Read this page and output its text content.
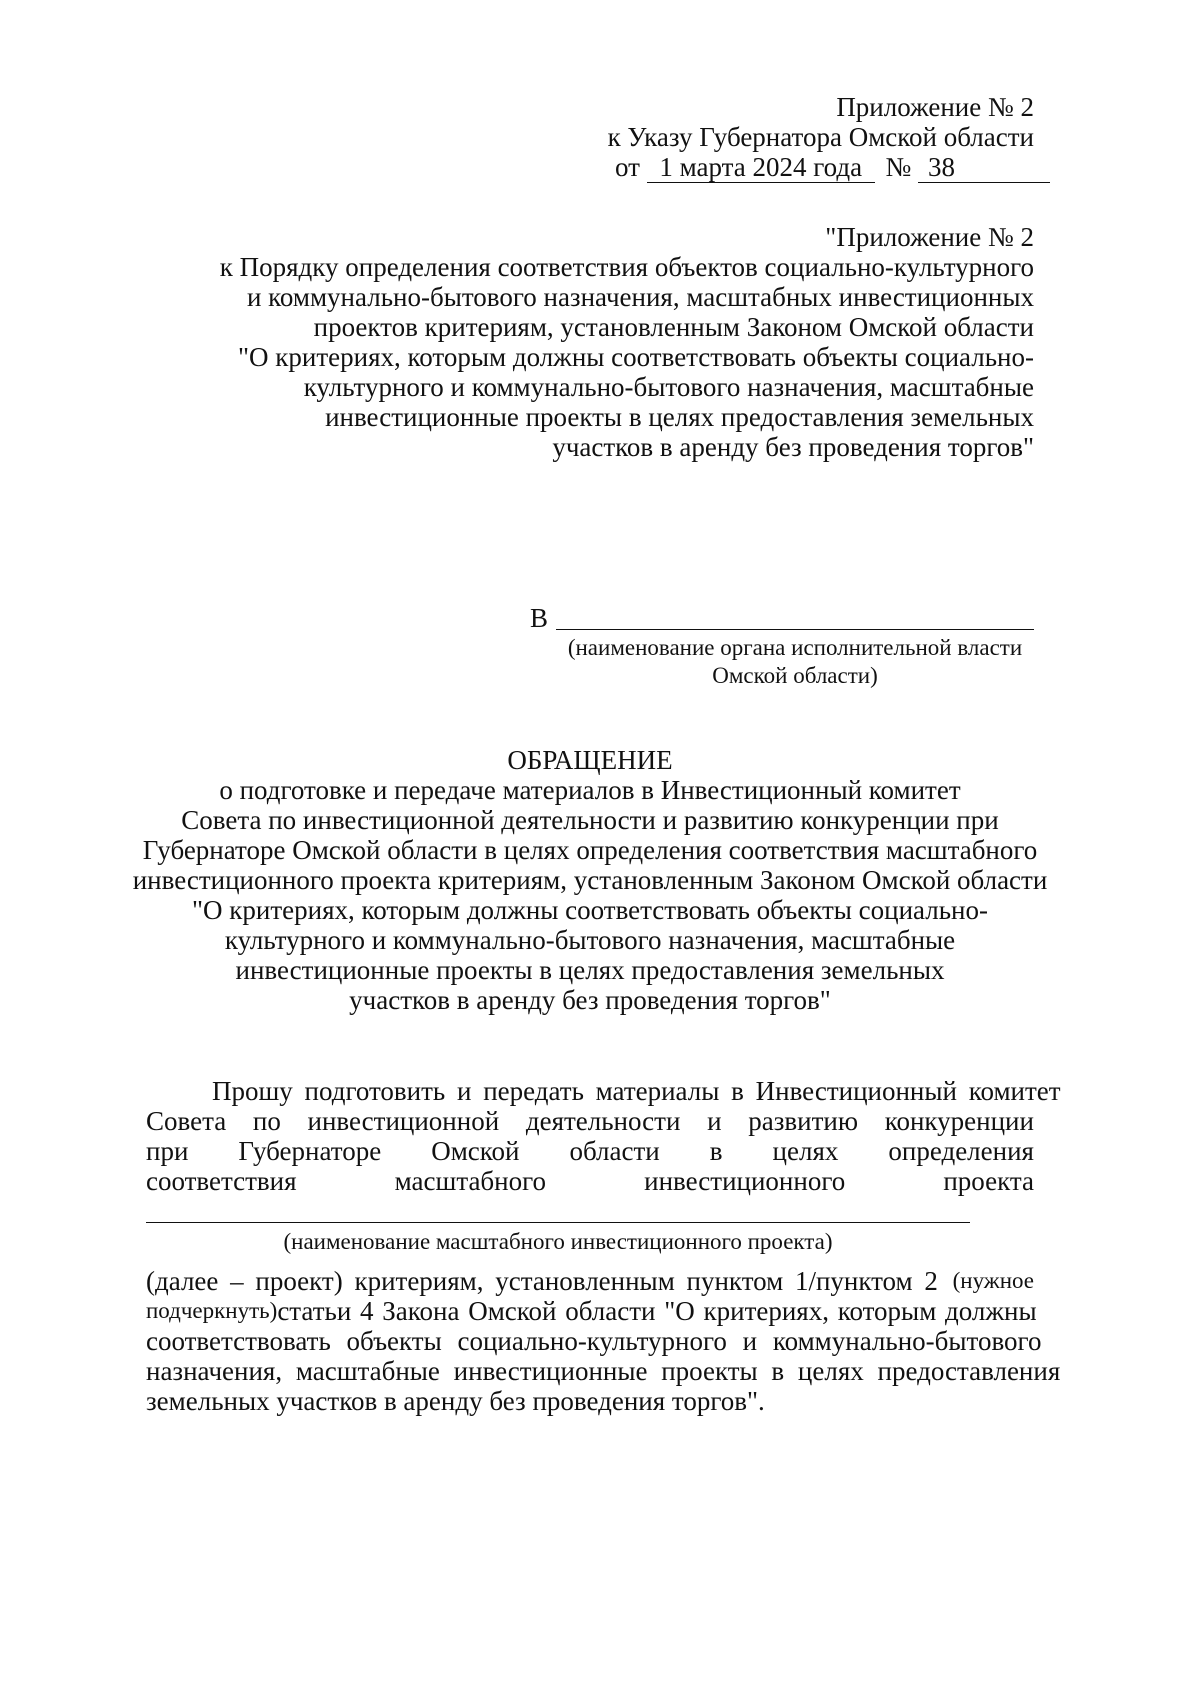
Приложение № 2
к Указу Губернатора Омской области
от 1 марта 2024 года № 38
"Приложение № 2
к Порядку определения соответствия объектов социально-культурного
и коммунально-бытового назначения, масштабных инвестиционных
проектов критериям, установленным Законом Омской области
"О критериях, которым должны соответствовать объекты социально-
культурного и коммунально-бытового назначения, масштабные
инвестиционные проекты в целях предоставления земельных
участков в аренду без проведения торгов"
В
(наименование органа исполнительной власти
Омской области)
ОБРАЩЕНИЕ
о подготовке и передаче материалов в Инвестиционный комитет
Совета по инвестиционной деятельности и развитию конкуренции при
Губернаторе Омской области в целях определения соответствия масштабного
инвестиционного проекта критериям, установленным Законом Омской области
"О критериях, которым должны соответствовать объекты социально-
культурного и коммунально-бытового назначения, масштабные
инвестиционные проекты в целях предоставления земельных
участков в аренду без проведения торгов"
Прошу подготовить и передать материалы в Инвестиционный комитет
Совета по инвестиционной деятельности и развитию конкуренции
при Губернаторе Омской области в целях определения
соответствия	масштабного	инвестиционного	проекта
(наименование масштабного инвестиционного проекта)
(далее – проект) критериям, установленным пунктом 1/пунктом 2 (нужное
подчеркнуть) статьи 4 Закона Омской области "О критериях, которым должны
соответствовать объекты социально-культурного и коммунально-бытового
назначения, масштабные инвестиционные проекты в целях предоставления
земельных участков в аренду без проведения торгов".
